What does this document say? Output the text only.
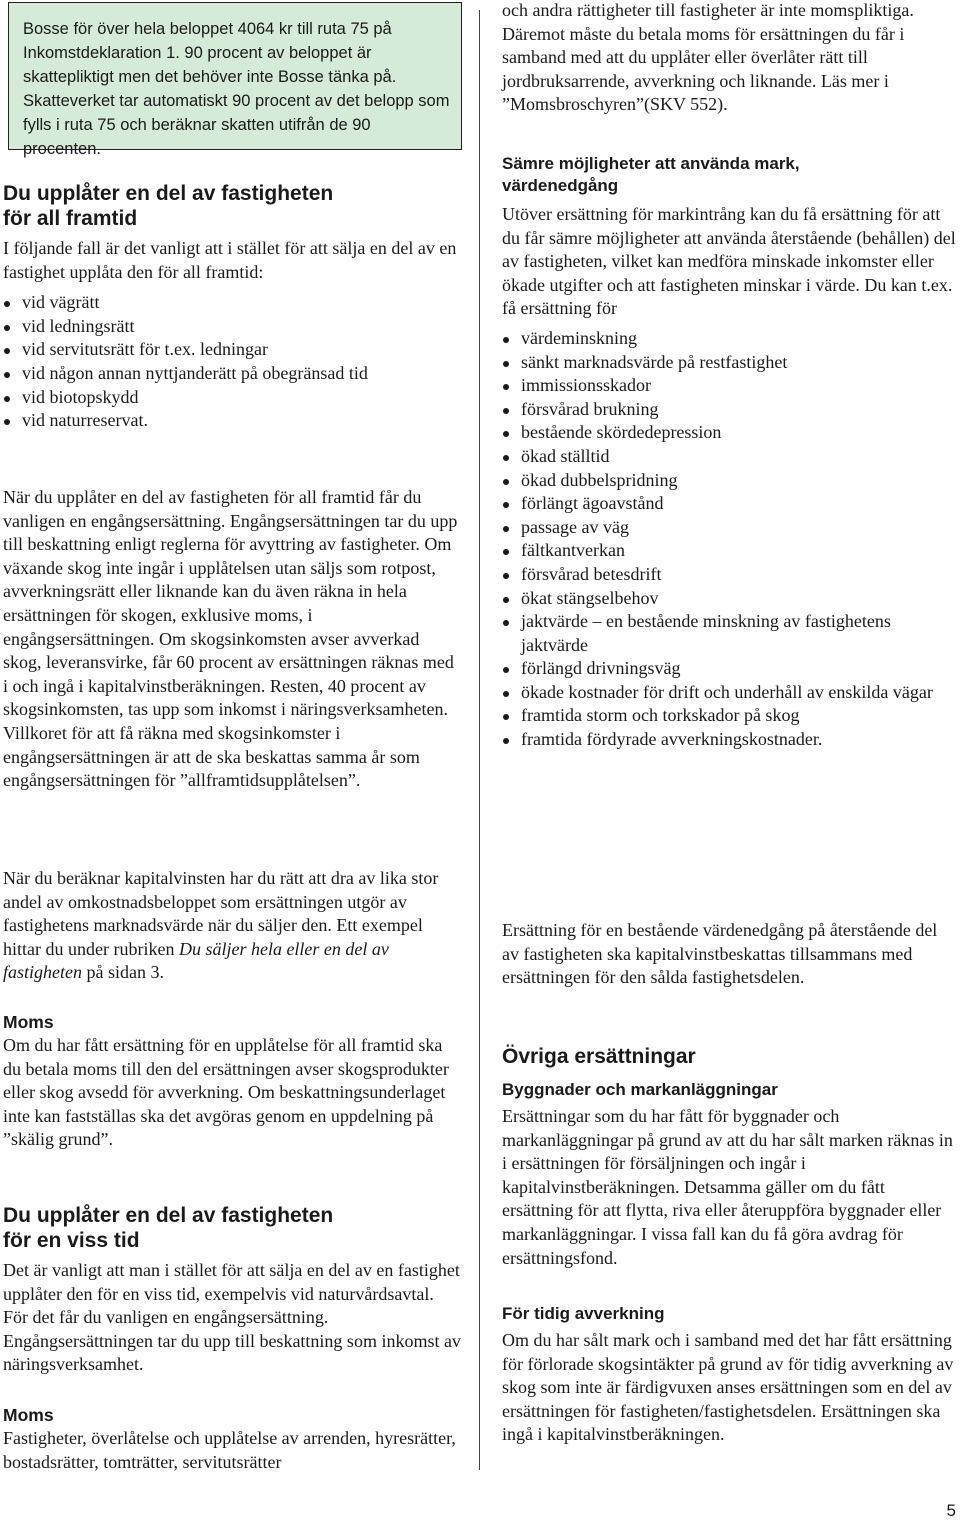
Bosse för över hela beloppet 4064 kr till ruta 75 på Inkomstdeklaration 1. 90 procent av beloppet är skattepliktigt men det behöver inte Bosse tänka på. Skatteverket tar automatiskt 90 procent av det belopp som fylls i ruta 75 och beräknar skatten utifrån de 90 procenten.
Du upplåter en del av fastigheten
för all framtid

I följande fall är det vanligt att i stället för att sälja en del av en fastighet upplåta den för all framtid:

vid vägrätt
vid ledningsrätt
vid servitutsrätt för t.ex. ledningar
vid någon annan nyttjanderätt på obegränsad tid
vid biotopskydd
vid naturreservat.

När du upplåter en del av fastigheten för all framtid får du vanligen en engångsersättning. Engångsersättningen tar du upp till beskattning enligt reglerna för avyttring av fastigheter. Om växande skog inte ingår i upplåtelsen utan säljs som rotpost, avverkningsrätt eller liknande kan du även räkna in hela ersättningen för skogen, exklusive moms, i engångsersättningen. Om skogsinkomsten avser avverkad skog, leveransvirke, får 60 procent av ersättningen räknas med i och ingå i kapitalvinstberäkningen. Resten, 40 procent av skogsinkomsten, tas upp som inkomst i näringsverksamheten. Villkoret för att få räkna med skogsinkomster i engångsersättningen är att de ska beskattas samma år som engångsersättningen för ”allframtidsupplåtelsen”.

När du beräknar kapitalvinsten har du rätt att dra av lika stor andel av omkostnadsbeloppet som ersättningen utgör av fastighetens marknadsvärde när du säljer den. Ett exempel hittar du under rubriken Du säljer hela eller en del av fastigheten på sidan 3.

Moms

Om du har fått ersättning för en upplåtelse för all framtid ska du betala moms till den del ersättningen avser skogsprodukter eller skog avsedd för avverkning. Om beskattningsunderlaget inte kan fastställas ska det avgöras genom en uppdelning på ”skälig grund”.

Du upplåter en del av fastigheten
för en viss tid

Det är vanligt att man i stället för att sälja en del av en fastighet upplåter den för en viss tid, exempelvis vid naturvårdsavtal. För det får du vanligen en engångsersättning. Engångsersättningen tar du upp till beskattning som inkomst av näringsverksamhet.

Moms

Fastigheter, överlåtelse och upplåtelse av arrenden, hyresrätter, bostadsrätter, tomträtter, servitutsrätter

och andra rättigheter till fastigheter är inte momspliktiga. Däremot måste du betala moms för ersättningen du får i samband med att du upplåter eller överlåter rätt till jordbruksarrende, avverkning och liknande. Läs mer i ”Momsbroschyren”(SKV 552).

Sämre möjligheter att använda mark,
värdenedgång

Utöver ersättning för markintrång kan du få ersättning för att du får sämre möjligheter att använda återstående (behållen) del av fastigheten, vilket kan medföra minskade inkomster eller ökade utgifter och att fastigheten minskar i värde. Du kan t.ex. få ersättning för

värdeminskning
sänkt marknadsvärde på restfastighet
immissionsskador
försvårad brukning
bestående skördedepression
ökad ställtid
ökad dubbelspridning
förlängt ägoavstånd
passage av väg
fältkantverkan
försvårad betesdrift
ökat stängselbehov
jaktvärde – en bestående minskning av fastighetens jaktvärde
förlängd drivningsväg
ökade kostnader för drift och underhåll av enskilda vägar
framtida storm och torkskador på skog
framtida fördyrade avverkningskostnader.

Ersättning för en bestående värdenedgång på återstående del av fastigheten ska kapitalvinstbeskattas tillsammans med ersättningen för den sålda fastighetsdelen.

Övriga ersättningar
Byggnader och markanläggningar

Ersättningar som du har fått för byggnader och markanläggningar på grund av att du har sålt marken räknas in i ersättningen för försäljningen och ingår i kapitalvinstberäkningen. Detsamma gäller om du fått ersättning för att flytta, riva eller återuppföra byggnader eller markanläggningar. I vissa fall kan du få göra avdrag för ersättningsfond.

För tidig avverkning

Om du har sålt mark och i samband med det har fått ersättning för förlorade skogsintäkter på grund av för tidig avverkning av skog som inte är färdigvuxen anses ersättningen som en del av ersättningen för fastigheten/fastighetsdelen. Ersättningen ska ingå i kapitalvinstberäkningen.

5
